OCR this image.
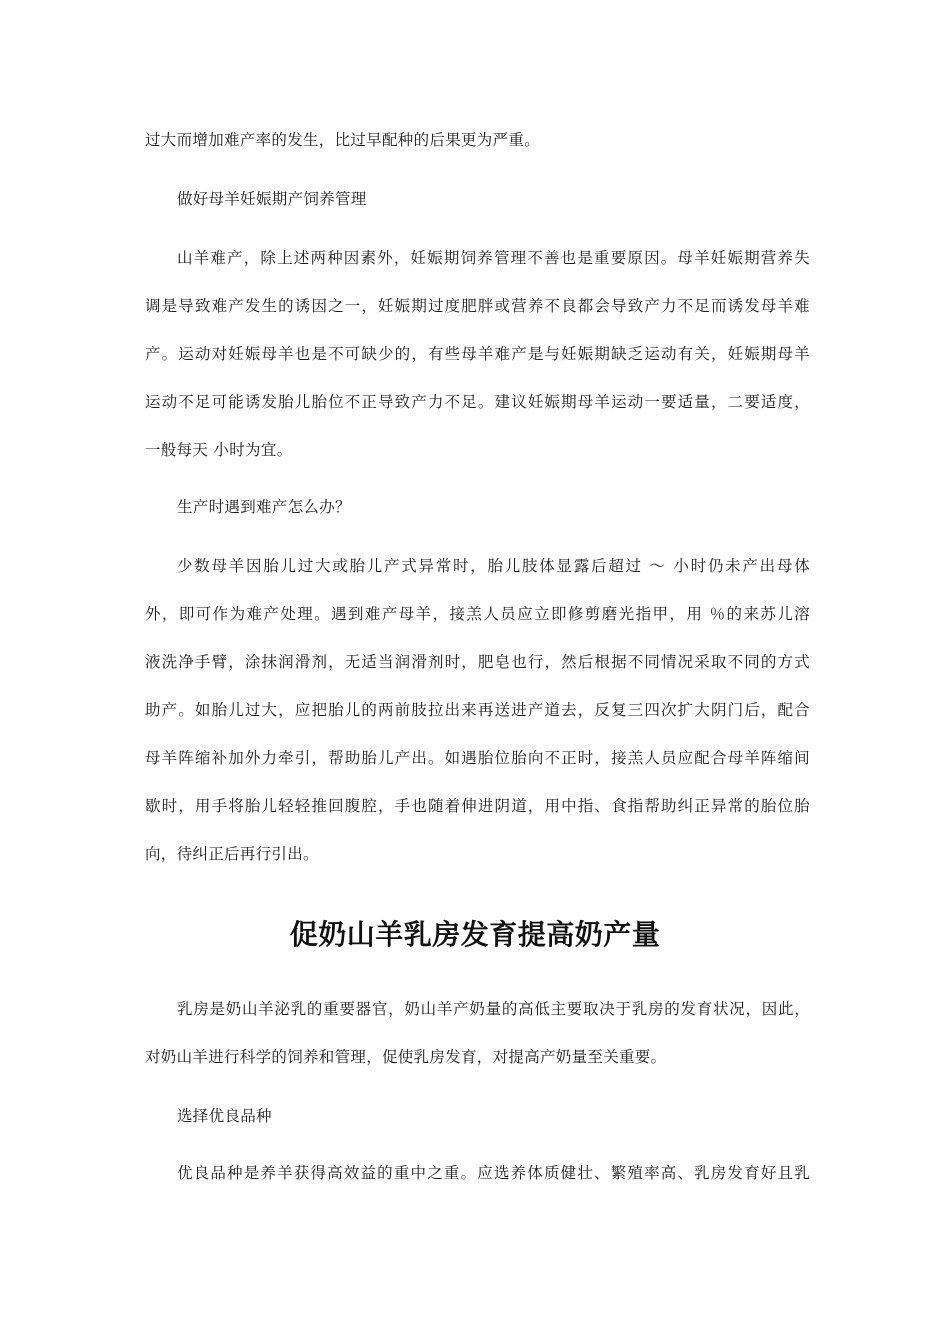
过大而增加难产率的发生，比过早配种的后果更为严重。
做好母羊妊娠期产饲养管理
山羊难产，除上述两种因素外，妊娠期饲养管理不善也是重要原因。母羊妊娠期营养失
调是导致难产发生的诱因之一，妊娠期过度肥胖或营养不良都会导致产力不足而诱发母羊难
产。运动对妊娠母羊也是不可缺少的，有些母羊难产是与妊娠期缺乏运动有关，妊娠期母羊
运动不足可能诱发胎儿胎位不正导致产力不足。建议妊娠期母羊运动一要适量，二要适度，
一般每天 小时为宜。
生产时遇到难产怎么办？
少数母羊因胎儿过大或胎儿产式异常时，胎儿肢体显露后超过 ～ 小时仍未产出母体
外，即可作为难产处理。遇到难产母羊，接羔人员应立即修剪磨光指甲，用 ％的来苏儿溶
液洗净手臂，涂抹润滑剂，无适当润滑剂时，肥皂也行，然后根据不同情况采取不同的方式
助产。如胎儿过大，应把胎儿的两前肢拉出来再送进产道去，反复三四次扩大阴门后，配合
母羊阵缩补加外力牵引，帮助胎儿产出。如遇胎位胎向不正时，接羔人员应配合母羊阵缩间
歇时，用手将胎儿轻轻推回腹腔，手也随着伸进阴道，用中指、食指帮助纠正异常的胎位胎
向，待纠正后再行引出。
促奶山羊乳房发育提高奶产量
乳房是奶山羊泌乳的重要器官，奶山羊产奶量的高低主要取决于乳房的发育状况，因此，
对奶山羊进行科学的饲养和管理，促使乳房发育，对提高产奶量至关重要。
选择优良品种
优良品种是养羊获得高效益的重中之重。应选养体质健壮、繁殖率高、乳房发育好且乳
